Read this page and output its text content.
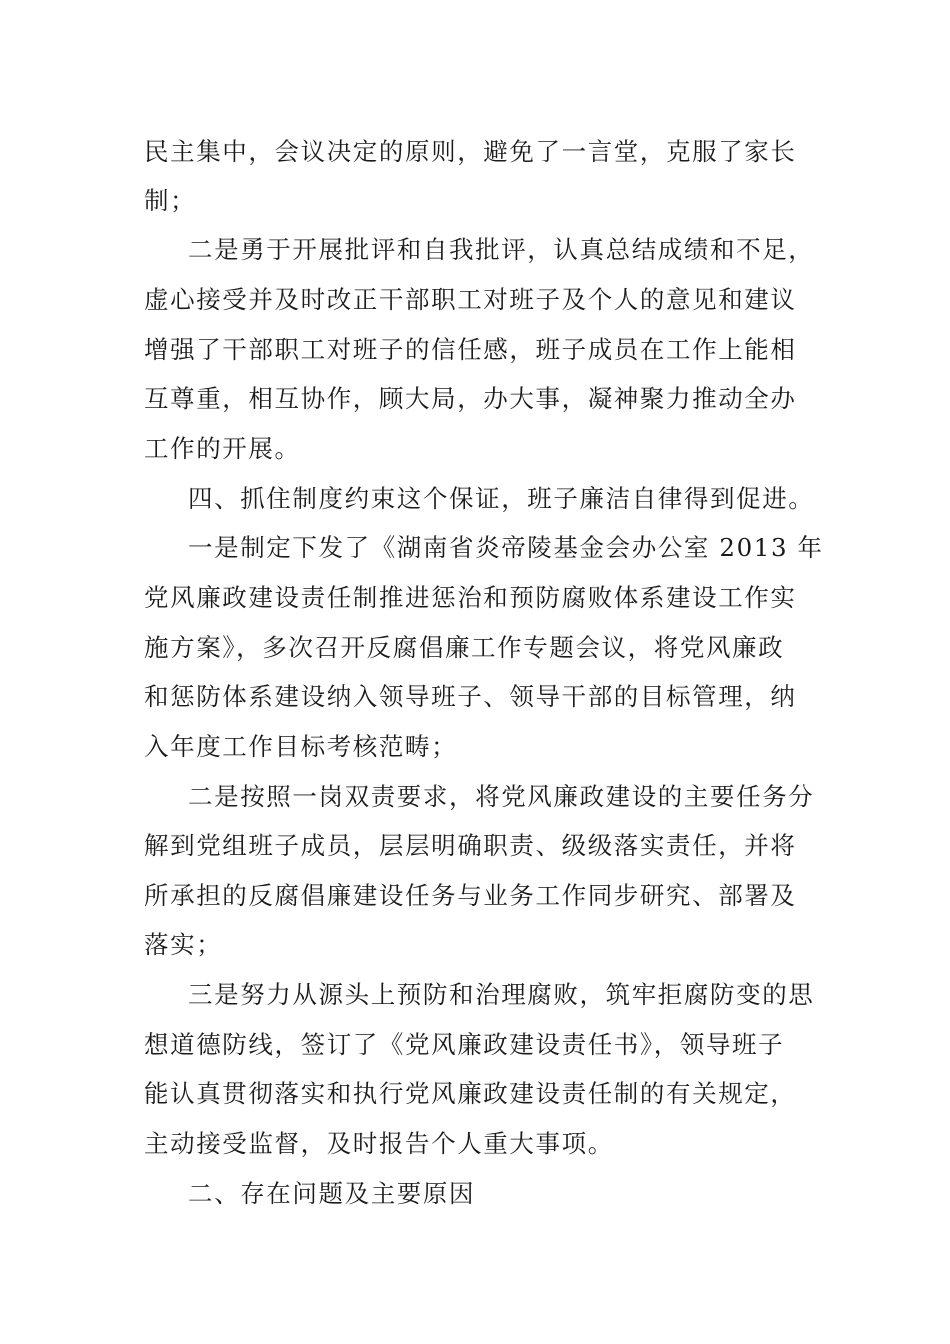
民主集中，会议决定的原则，避免了一言堂，克服了家长
制；
二是勇于开展批评和自我批评，认真总结成绩和不足，
虚心接受并及时改正干部职工对班子及个人的意见和建议
增强了干部职工对班子的信任感，班子成员在工作上能相
互尊重，相互协作，顾大局，办大事，凝神聚力推动全办
工作的开展。
四、抓住制度约束这个保证，班子廉洁自律得到促进。
一是制定下发了《湖南省炎帝陵基金会办公室 2013 年
党风廉政建设责任制推进惩治和预防腐败体系建设工作实
施方案》，多次召开反腐倡廉工作专题会议，将党风廉政
和惩防体系建设纳入领导班子、领导干部的目标管理，纳
入年度工作目标考核范畴；
二是按照一岗双责要求，将党风廉政建设的主要任务分
解到党组班子成员，层层明确职责、级级落实责任，并将
所承担的反腐倡廉建设任务与业务工作同步研究、部署及
落实；
三是努力从源头上预防和治理腐败，筑牢拒腐防变的思
想道德防线，签订了《党风廉政建设责任书》，领导班子
能认真贯彻落实和执行党风廉政建设责任制的有关规定，
主动接受监督，及时报告个人重大事项。
二、存在问题及主要原因
